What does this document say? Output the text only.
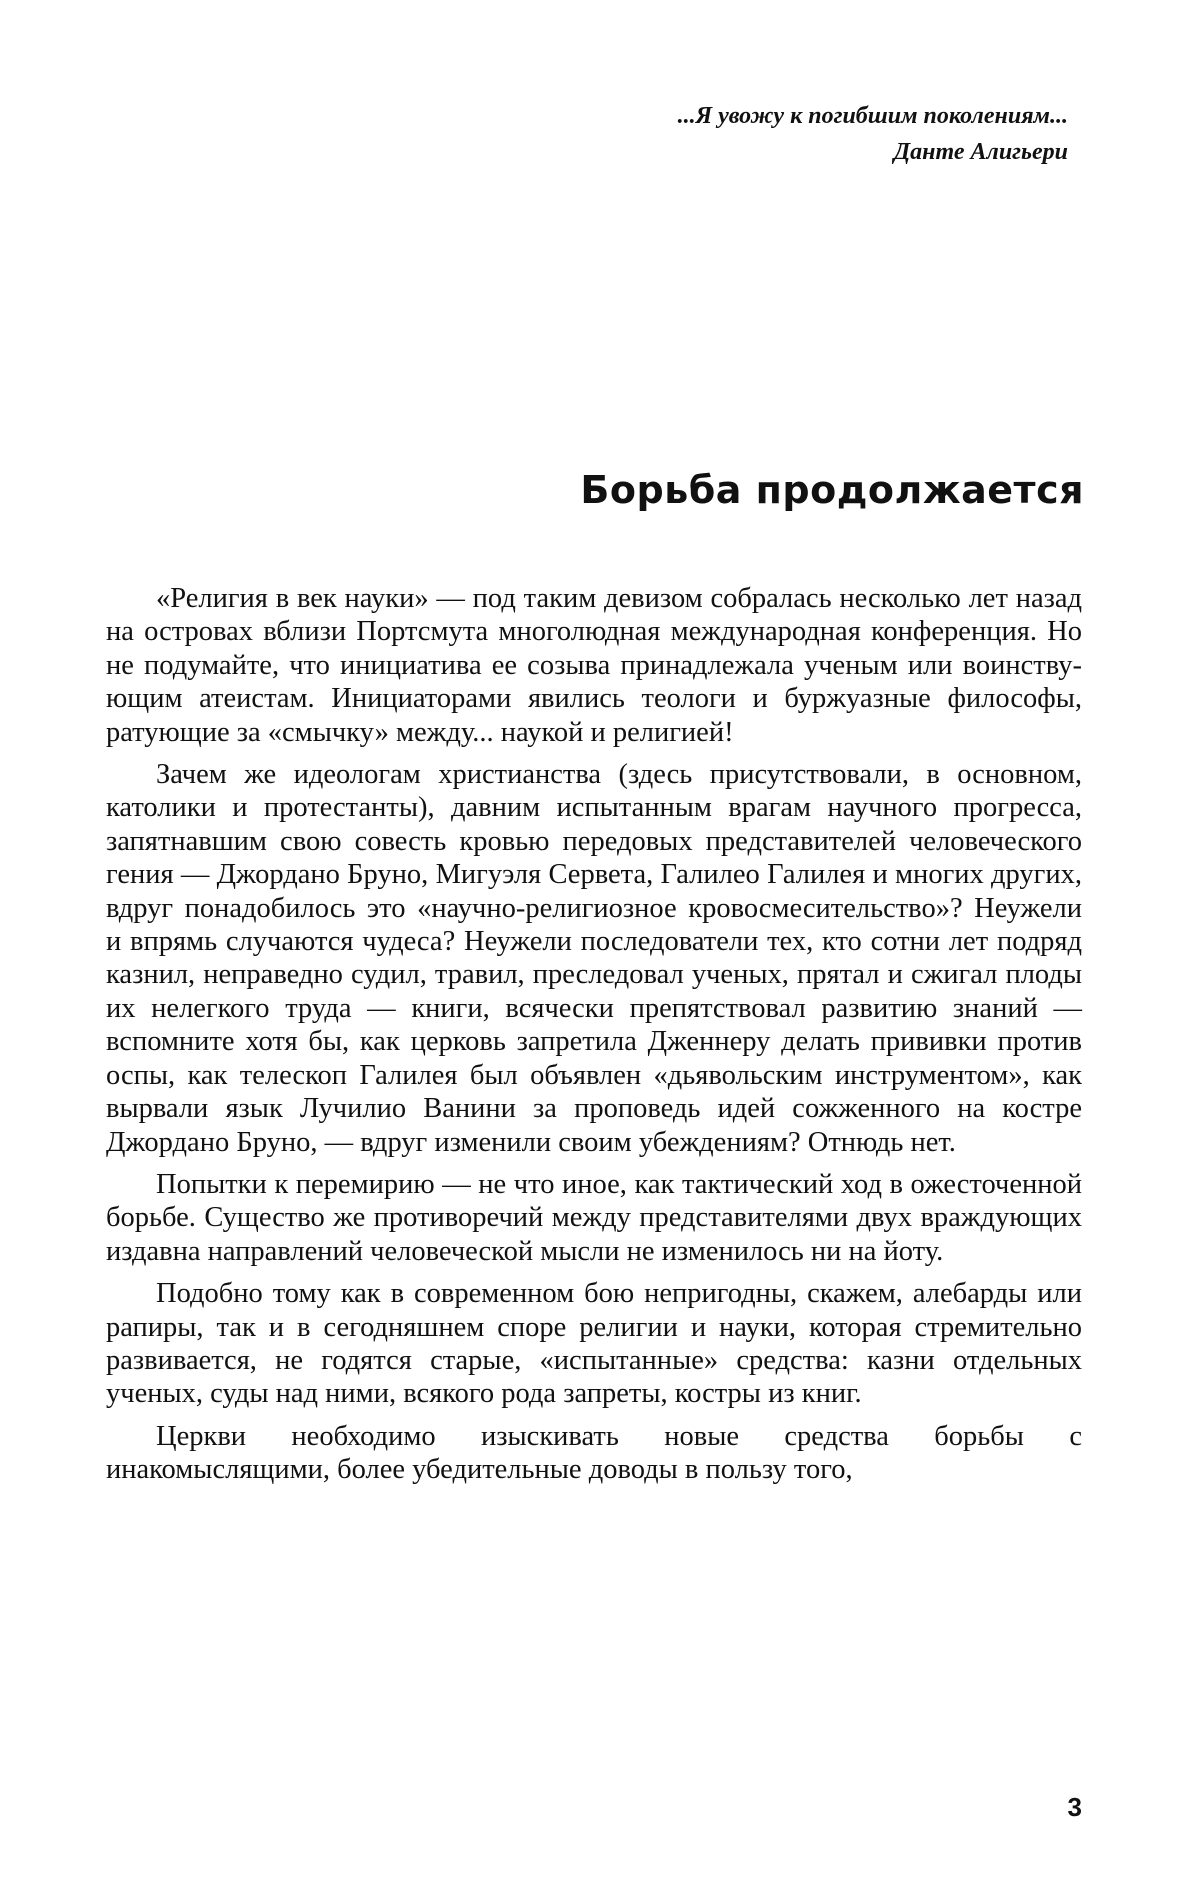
...Я увожу к погибшим поколениям...
Данте Алигьери
Борьба продолжается

«Религия в век науки» — под таким девизом собралась несколько лет назад на островах вблизи Портсмута многолюдная международная конференция. Но не подумайте, что инициатива ее созыва принадлежала ученым или воинствующим атеистам. Инициаторами явились теологи и буржуазные философы, ратующие за «смычку» между... наукой и религией!

Зачем же идеологам христианства (здесь присутствовали, в основном, католики и протестанты), давним испытанным врагам научного прогресса, запятнавшим свою совесть кровью передовых представителей человеческого гения — Джордано Бруно, Мигуэля Сервета, Галилео Галилея и многих других, вдруг понадобилось это «научно-религиозное кровосмесительство»? Неужели и впрямь случаются чудеса? Неужели последователи тех, кто сотни лет подряд казнил, неправедно судил, травил, преследовал ученых, прятал и сжигал плоды их нелегкого труда — книги, всячески препятствовал развитию знаний — вспомните хотя бы, как церковь запретила Дженнеру делать прививки против оспы, как телескоп Галилея был объявлен «дьявольским инструментом», как вырвали язык Лучилио Ванини за проповедь идей сожженного на костре Джордано Бруно, — вдруг изменили своим убеждениям? Отнюдь нет.

Попытки к перемирию — не что иное, как тактический ход в ожесточенной борьбе. Существо же противоречий между представителями двух враждующих издавна направлений человеческой мысли не изменилось ни на йоту.

Подобно тому как в современном бою непригодны, скажем, алебарды или рапиры, так и в сегодняшнем споре религии и науки, которая стремительно развивается, не годятся старые, «испытанные» средства: казни отдельных ученых, суды над ними, всякого рода запреты, костры из книг.

Церкви необходимо изыскивать новые средства борьбы с инакомыслящими, более убедительные доводы в пользу того,

3
